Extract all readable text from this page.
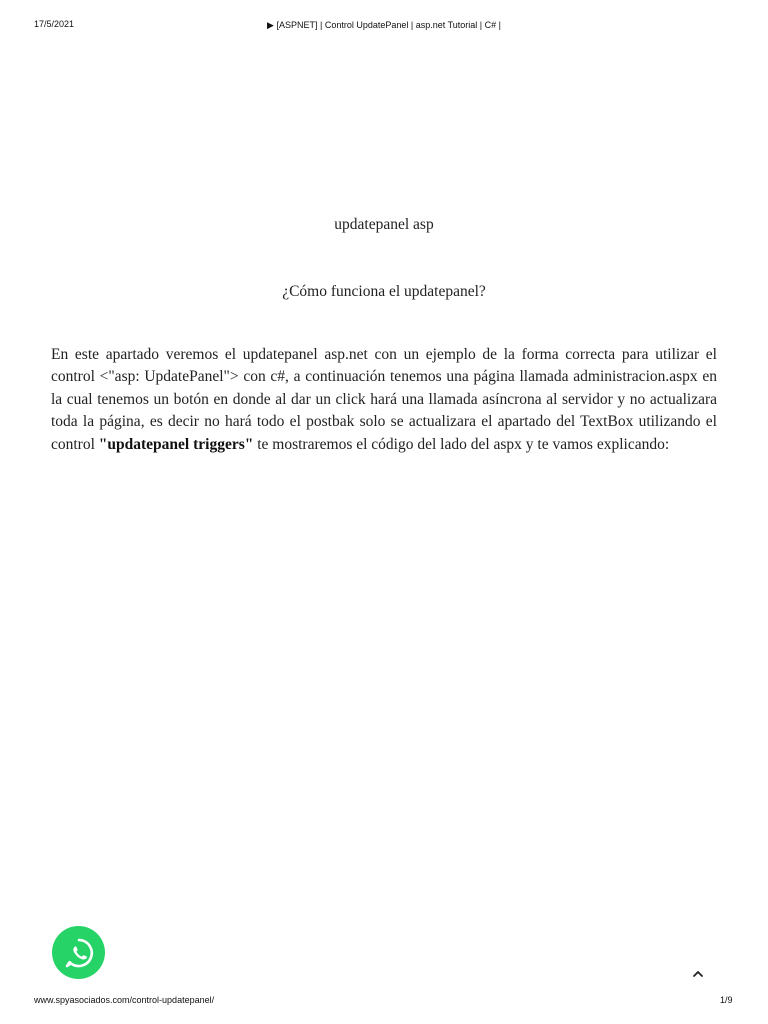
17/5/2021	▶ [ASPNET] | Control UpdatePanel | asp.net Tutorial | C# |
updatepanel asp
¿Cómo funciona el updatepanel?

En este apartado veremos el updatepanel asp.net con un ejemplo de la forma correcta para utilizar el control <"asp: UpdatePanel"> con c#, a continuación tenemos una página llamada administracion.aspx en la cual tenemos un botón en donde al dar un click hará una llamada asíncrona al servidor y no actualizara toda la página, es decir no hará todo el postbak solo se actualizara el apartado del TextBox utilizando el control "updatepanel triggers" te mostraremos el código del lado del aspx y te vamos explicando:

www.spyasociados.com/control-updatepanel/	1/9
